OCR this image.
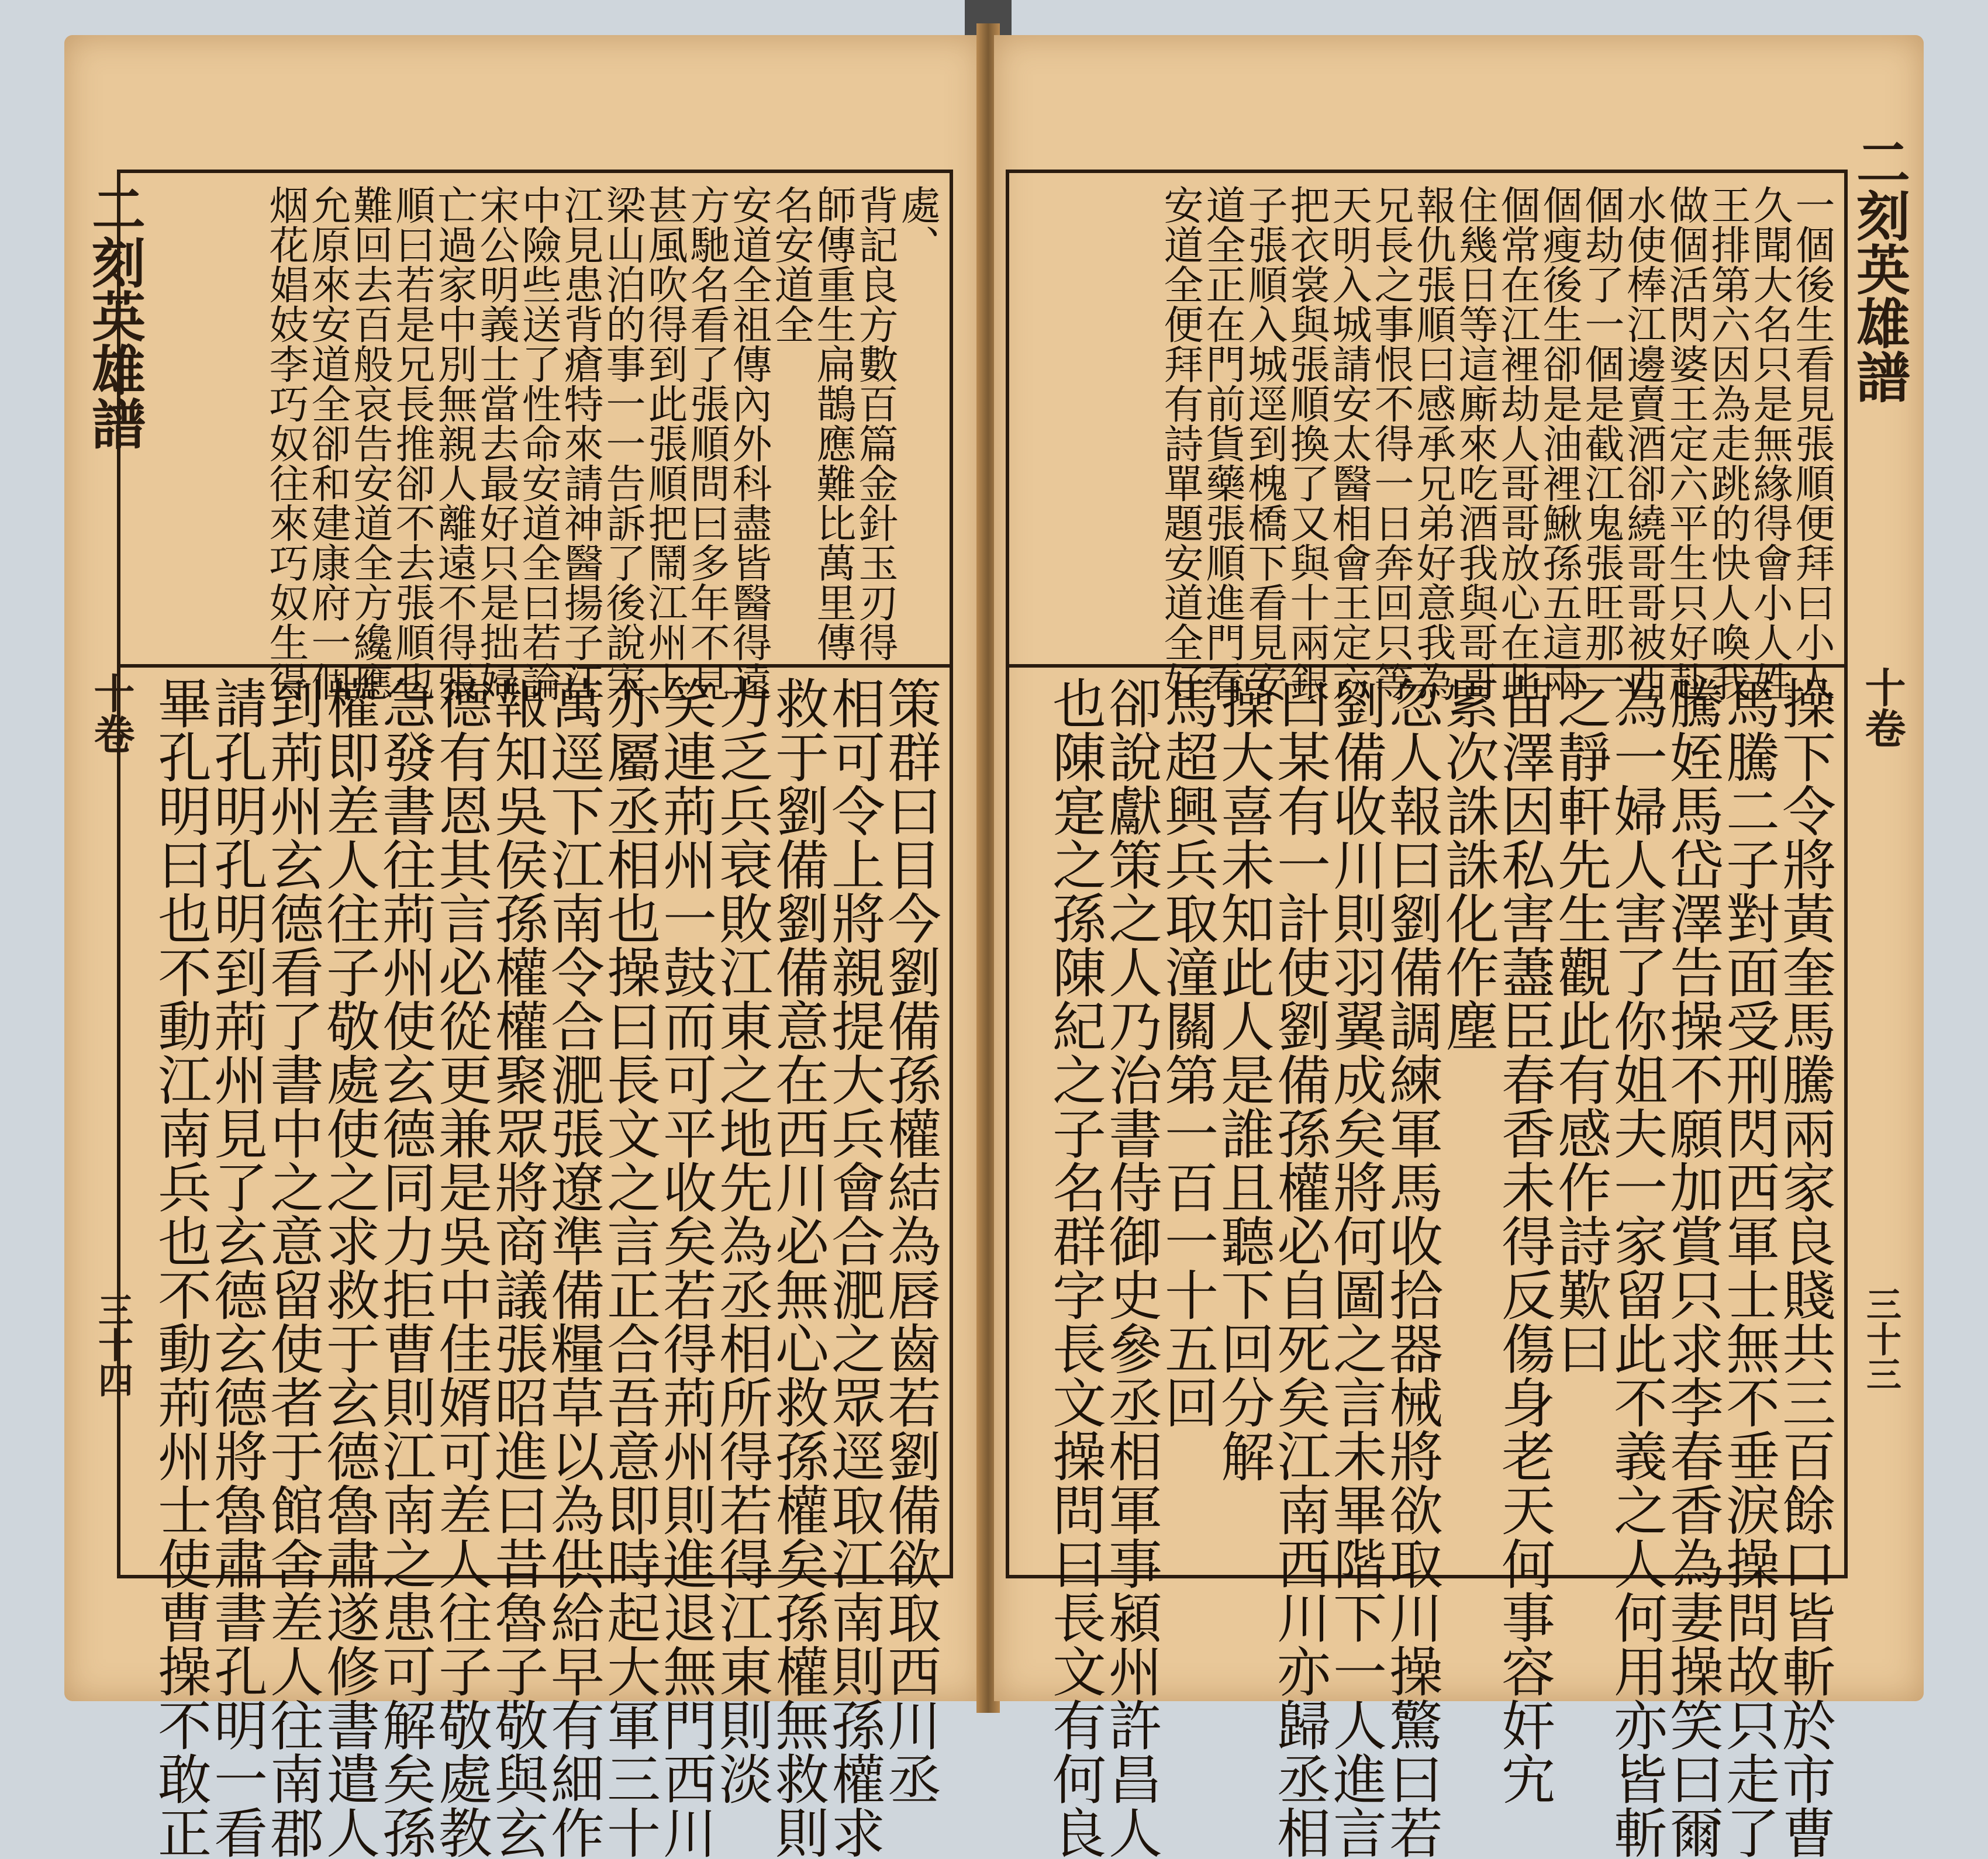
二刻英雄譜
十卷
三十四
處、
背記良方數百篇金針玉刃得
師傳重生扁鵲應難比萬里傳
名安道全
安道全祖傳內外科盡皆醫得遠
方馳名看了張順問曰多年不見
甚風吹得到此張順把鬧江州上
梁山泊的事一一告訴了後說宋
江見患背瘡特來請神醫揚子江
中險些送了性命安道全曰若論
宋公明義士當去最好只是拙婦
亡過家中別無親人離遠不得張
順曰若是兄長推卻不去張順也
難回去百般哀告安道全方纔應
允原來安道全卻和建康府一個
烟花娼妓李巧奴往來巧奴生得
策群曰目今劉備孫權結為唇齒若劉備欲取西川丞
相可令上將親提大兵會合淝之眾逕取江南則孫權求
救于劉備劉備意在西川必無心救孫權矣孫權無救則
力乏兵衰敗江東之地先為丞相所得若得江東則淡
笑連荊州一鼓而可平收矣若得荊州則進退無門西川
亦屬丞相也操曰長文之言正合吾意即時起大軍三十
萬逕下江南令合淝張遼準備糧草以為供給早有細作
報知吳侯孫權權聚眾將商議張昭進曰昔魯子敬與玄
德有恩其言必從更兼是吳中佳婿可差人往子敬處教
急發書往荊州使玄德同力拒曹則江南之患可解矣孫
權即差人往子敬處使之求救于玄德魯肅遂修書遣人
到荊州玄德看了書中之意留使者于館舍差人往南郡
請孔明孔明到荊州見了玄德玄德將魯肅書孔明一看
畢孔明曰也不動江南兵也不動荊州士使曹操不敢正
二刻英雄譜
十卷
三十三
一個後生看見張順便拜曰小人
久聞大名只是無緣得會小人姓
王排第六因為走跳的快人喚我
做個活閃婆王定六平生只好赴
水使棒江邊賣酒卻繞哥哥被西
個劫了一個是截江鬼張旺那一
個瘦後生卻是油裡鰍孫五這兩
個常在江裡劫人哥哥放心在此
住幾日等這廝來吃酒我與哥哥
報仇張順曰感承兄弟好意我為
兄長之事恨不得一日奔回只等
天明入城請安太醫相會王定六
把衣裳與張順換了又與十兩銀
子張順入城逕到槐橋下看見安
道全正在門前貨藥張順進門看
安道全便拜有詩單題安道全好
操下令將黃奎馬騰兩家良賤共三百餘口皆斬於市曹
馬騰二子對面受刑閃西軍士無不垂淚操問故只走了
騰姪馬岱澤告操不願加賞只求李春香為妻操笑曰爾
為一婦人害了你姐夫一家留此不義之人何用亦皆斬
之靜軒先生觀此有感作詩歎曰
苗澤因私害藎臣春香未得反傷身老天何事容奸宄
累次誅誅化作塵
忽人報曰劉備調練軍馬收拾器械將欲取川操驚曰若
劉備收川則羽翼成矣將何圖之言未畢階下一人進言
曰某有一計使劉備孫權必自死矣江南西川亦歸丞相
操大喜未知此人是誰且聽下回分解
馬超興兵取潼關第一百一十五回
卻說獻策之人乃治書侍御史參丞相軍事潁州許昌人
也陳寔之孫陳紀之子名群字長文操問曰長文有何良
